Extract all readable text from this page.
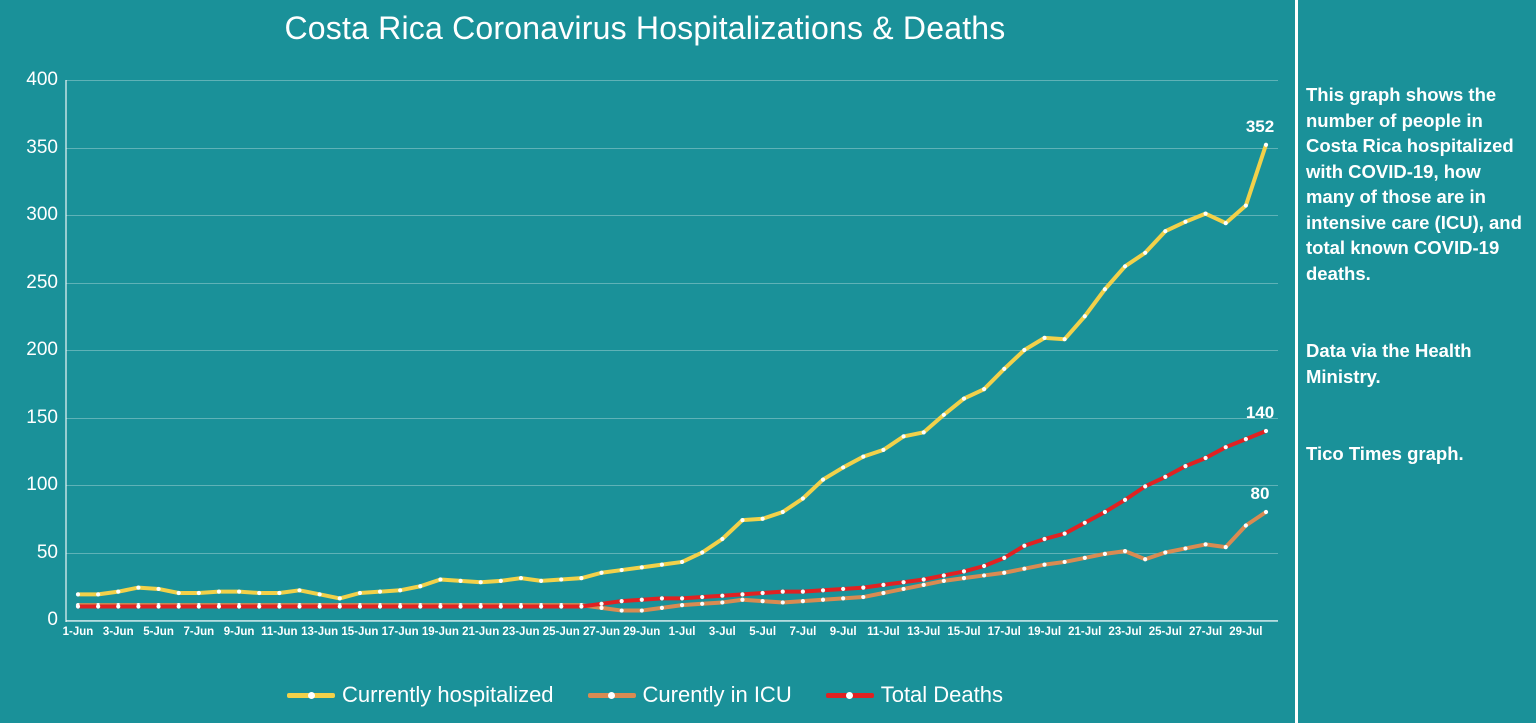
Costa Rica Coronavirus Hospitalizations & Deaths
0
50
100
150
200
250
300
350
400
352
80
140
1-​Jun 3-​Jun 5-​Jun 7-​Jun 9-​Jun 11-​Jun 13-​Jun 15-​Jun 17-​Jun 19-​Jun 21-​Jun 23-​Jun 25-​Jun 27-​Jun 29-​Jun 1-​Jul	3-​Jul	5-​Jul	7-​Jul	9-​Jul 11-​Jul 13-​Jul 15-​Jul 17-​Jul 19-​Jul 21-​Jul 23-​Jul 25-​Jul 27-​Jul 29-​Jul
Currently hospitalized	Curently in ICU	Total Deaths

This graph shows the number of people in Costa Rica hospitalized with COVID-19, how many of those are in intensive care (ICU), and total known COVID-19 deaths.

Data via the Health Ministry.

Tico Times graph.
